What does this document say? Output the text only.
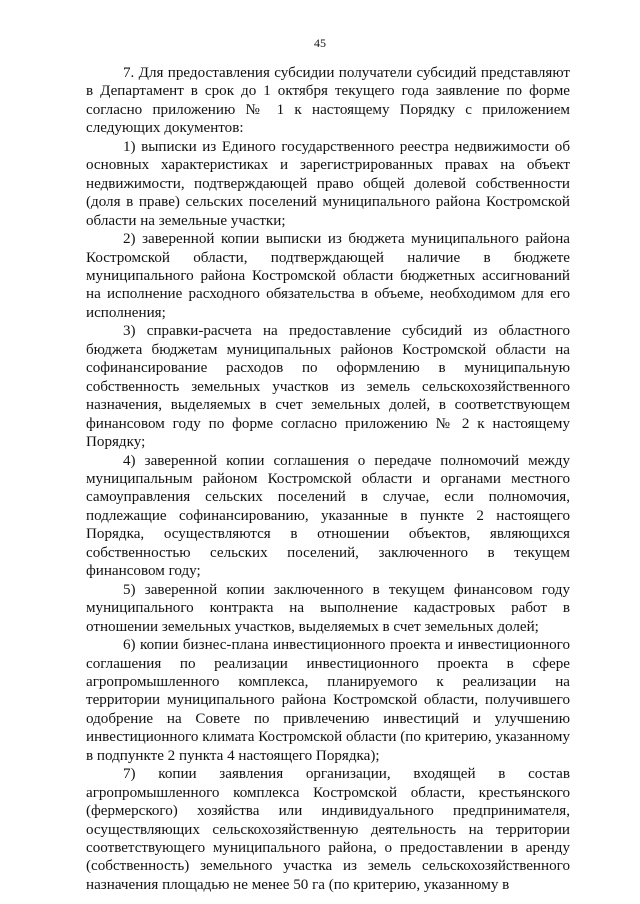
45

7. Для предоставления субсидии получатели субсидий представляют в Департамент в срок до 1 октября текущего года заявление по форме согласно приложению № 1 к настоящему Порядку с приложением следующих документов:

1) выписки из Единого государственного реестра недвижимости об основных характеристиках и зарегистрированных правах на объект недвижимости, подтверждающей право общей долевой собственности (доля в праве) сельских поселений муниципального района Костромской области на земельные участки;

2) заверенной копии выписки из бюджета муниципального района Костромской области, подтверждающей наличие в бюджете муниципального района Костромской области бюджетных ассигнований на исполнение расходного обязательства в объеме, необходимом для его исполнения;

3) справки-расчета на предоставление субсидий из областного бюджета бюджетам муниципальных районов Костромской области на софинансирование расходов по оформлению в муниципальную собственность земельных участков из земель сельскохозяйственного назначения, выделяемых в счет земельных долей, в соответствующем финансовом году по форме согласно приложению № 2 к настоящему Порядку;

4) заверенной копии соглашения о передаче полномочий между муниципальным районом Костромской области и органами местного самоуправления сельских поселений в случае, если полномочия, подлежащие софинансированию, указанные в пункте 2 настоящего Порядка, осуществляются в отношении объектов, являющихся собственностью сельских поселений, заключенного в текущем финансовом году;

5) заверенной копии заключенного в текущем финансовом году муниципального контракта на выполнение кадастровых работ в отношении земельных участков, выделяемых в счет земельных долей;

6) копии бизнес-плана инвестиционного проекта и инвестиционного соглашения по реализации инвестиционного проекта в сфере агропромышленного комплекса, планируемого к реализации на территории муниципального района Костромской области, получившего одобрение на Совете по привлечению инвестиций и улучшению инвестиционного климата Костромской области (по критерию, указанному в подпункте 2 пункта 4 настоящего Порядка);

7) копии заявления организации, входящей в состав агропромышленного комплекса Костромской области, крестьянского (фермерского) хозяйства или индивидуального предпринимателя, осуществляющих сельскохозяйственную деятельность на территории соответствующего муниципального района, о предоставлении в аренду (собственность) земельного участка из земель сельскохозяйственного назначения площадью не менее 50 га (по критерию, указанному в
